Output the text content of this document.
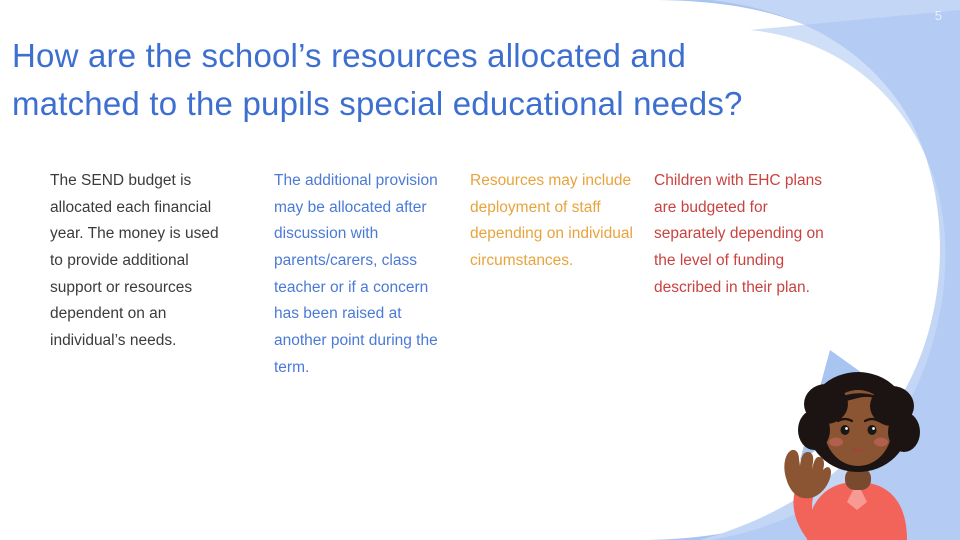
5
How are the school’s resources allocated and matched to the pupils special educational needs?
The SEND budget is allocated each financial year. The money is used to provide additional support or resources dependent on an individual’s needs.
The additional provision may be allocated after discussion with parents/carers, class teacher or if a concern has been raised at another point during the term.
Resources may include deployment of staff depending on individual circumstances.
Children with EHC plans are budgeted for separately depending on the level of funding described in their plan.
